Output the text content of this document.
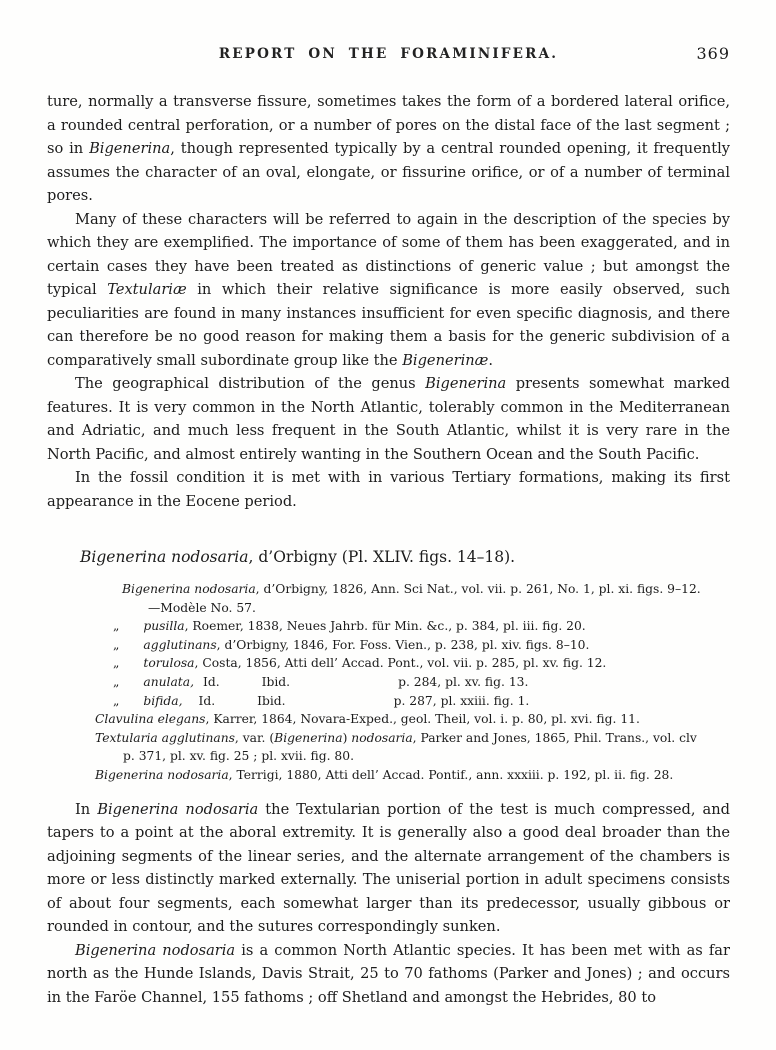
REPORT ON THE FORAMINIFERA.	369

ture, normally a transverse fissure, sometimes takes the form of a bordered lateral orifice, a rounded central perforation, or a number of pores on the distal face of the last segment ; so in Bigenerina, though represented typically by a central rounded opening, it frequently assumes the character of an oval, elongate, or fissurine orifice, or of a number of terminal pores.

Many of these characters will be referred to again in the description of the species by which they are exemplified. The importance of some of them has been exaggerated, and in certain cases they have been treated as distinctions of generic value ; but amongst the typical Textulariæ in which their relative significance is more easily observed, such peculiarities are found in many instances insufficient for even specific diagnosis, and there can therefore be no good reason for making them a basis for the generic subdivision of a comparatively small subordinate group like the Bigenerinæ.

The geographical distribution of the genus Bigenerina presents somewhat marked features. It is very common in the North Atlantic, tolerably common in the Mediterranean and Adriatic, and much less frequent in the South Atlantic, whilst it is very rare in the North Pacific, and almost entirely wanting in the Southern Ocean and the South Pacific.

In the fossil condition it is met with in various Tertiary formations, making its first appearance in the Eocene period.

Bigenerina nodosaria, d’Orbigny (Pl. XLIV. figs. 14–18).

Bigenerina nodosaria, d’Orbigny, 1826, Ann. Sci Nat., vol. vii. p. 261, No. 1, pl. xi. figs. 9–12.
—Modèle No. 57.
„ pusilla, Roemer, 1838, Neues Jahrb. für Min. &c., p. 384, pl. iii. fig. 20.
„ agglutinans, d’Orbigny, 1846, For. Foss. Vien., p. 238, pl. xiv. figs. 8–10.
„ torulosa, Costa, 1856, Atti dell’ Accad. Pont., vol. vii. p. 285, pl. xv. fig. 12.
„ anulata, Id.	Ibid.	p. 284, pl. xv. fig. 13.
„ bifida, Id.	Ibid.	p. 287, pl. xxiii. fig. 1.
Clavulina elegans, Karrer, 1864, Novara-Exped., geol. Theil, vol. i. p. 80, pl. xvi. fig. 11.
Textularia agglutinans, var. (Bigenerina) nodosaria, Parker and Jones, 1865, Phil. Trans., vol. clv
p. 371, pl. xv. fig. 25 ; pl. xvii. fig. 80.
Bigenerina nodosaria, Terrigi, 1880, Atti dell’ Accad. Pontif., ann. xxxiii. p. 192, pl. ii. fig. 28.

In Bigenerina nodosaria the Textularian portion of the test is much compressed, and tapers to a point at the aboral extremity. It is generally also a good deal broader than the adjoining segments of the linear series, and the alternate arrangement of the chambers is more or less distinctly marked externally. The uniserial portion in adult specimens consists of about four segments, each somewhat larger than its predecessor, usually gibbous or rounded in contour, and the sutures correspondingly sunken.

Bigenerina nodosaria is a common North Atlantic species. It has been met with as far north as the Hunde Islands, Davis Strait, 25 to 70 fathoms (Parker and Jones) ; and occurs in the Faröe Channel, 155 fathoms ; off Shetland and amongst the Hebrides, 80 to
